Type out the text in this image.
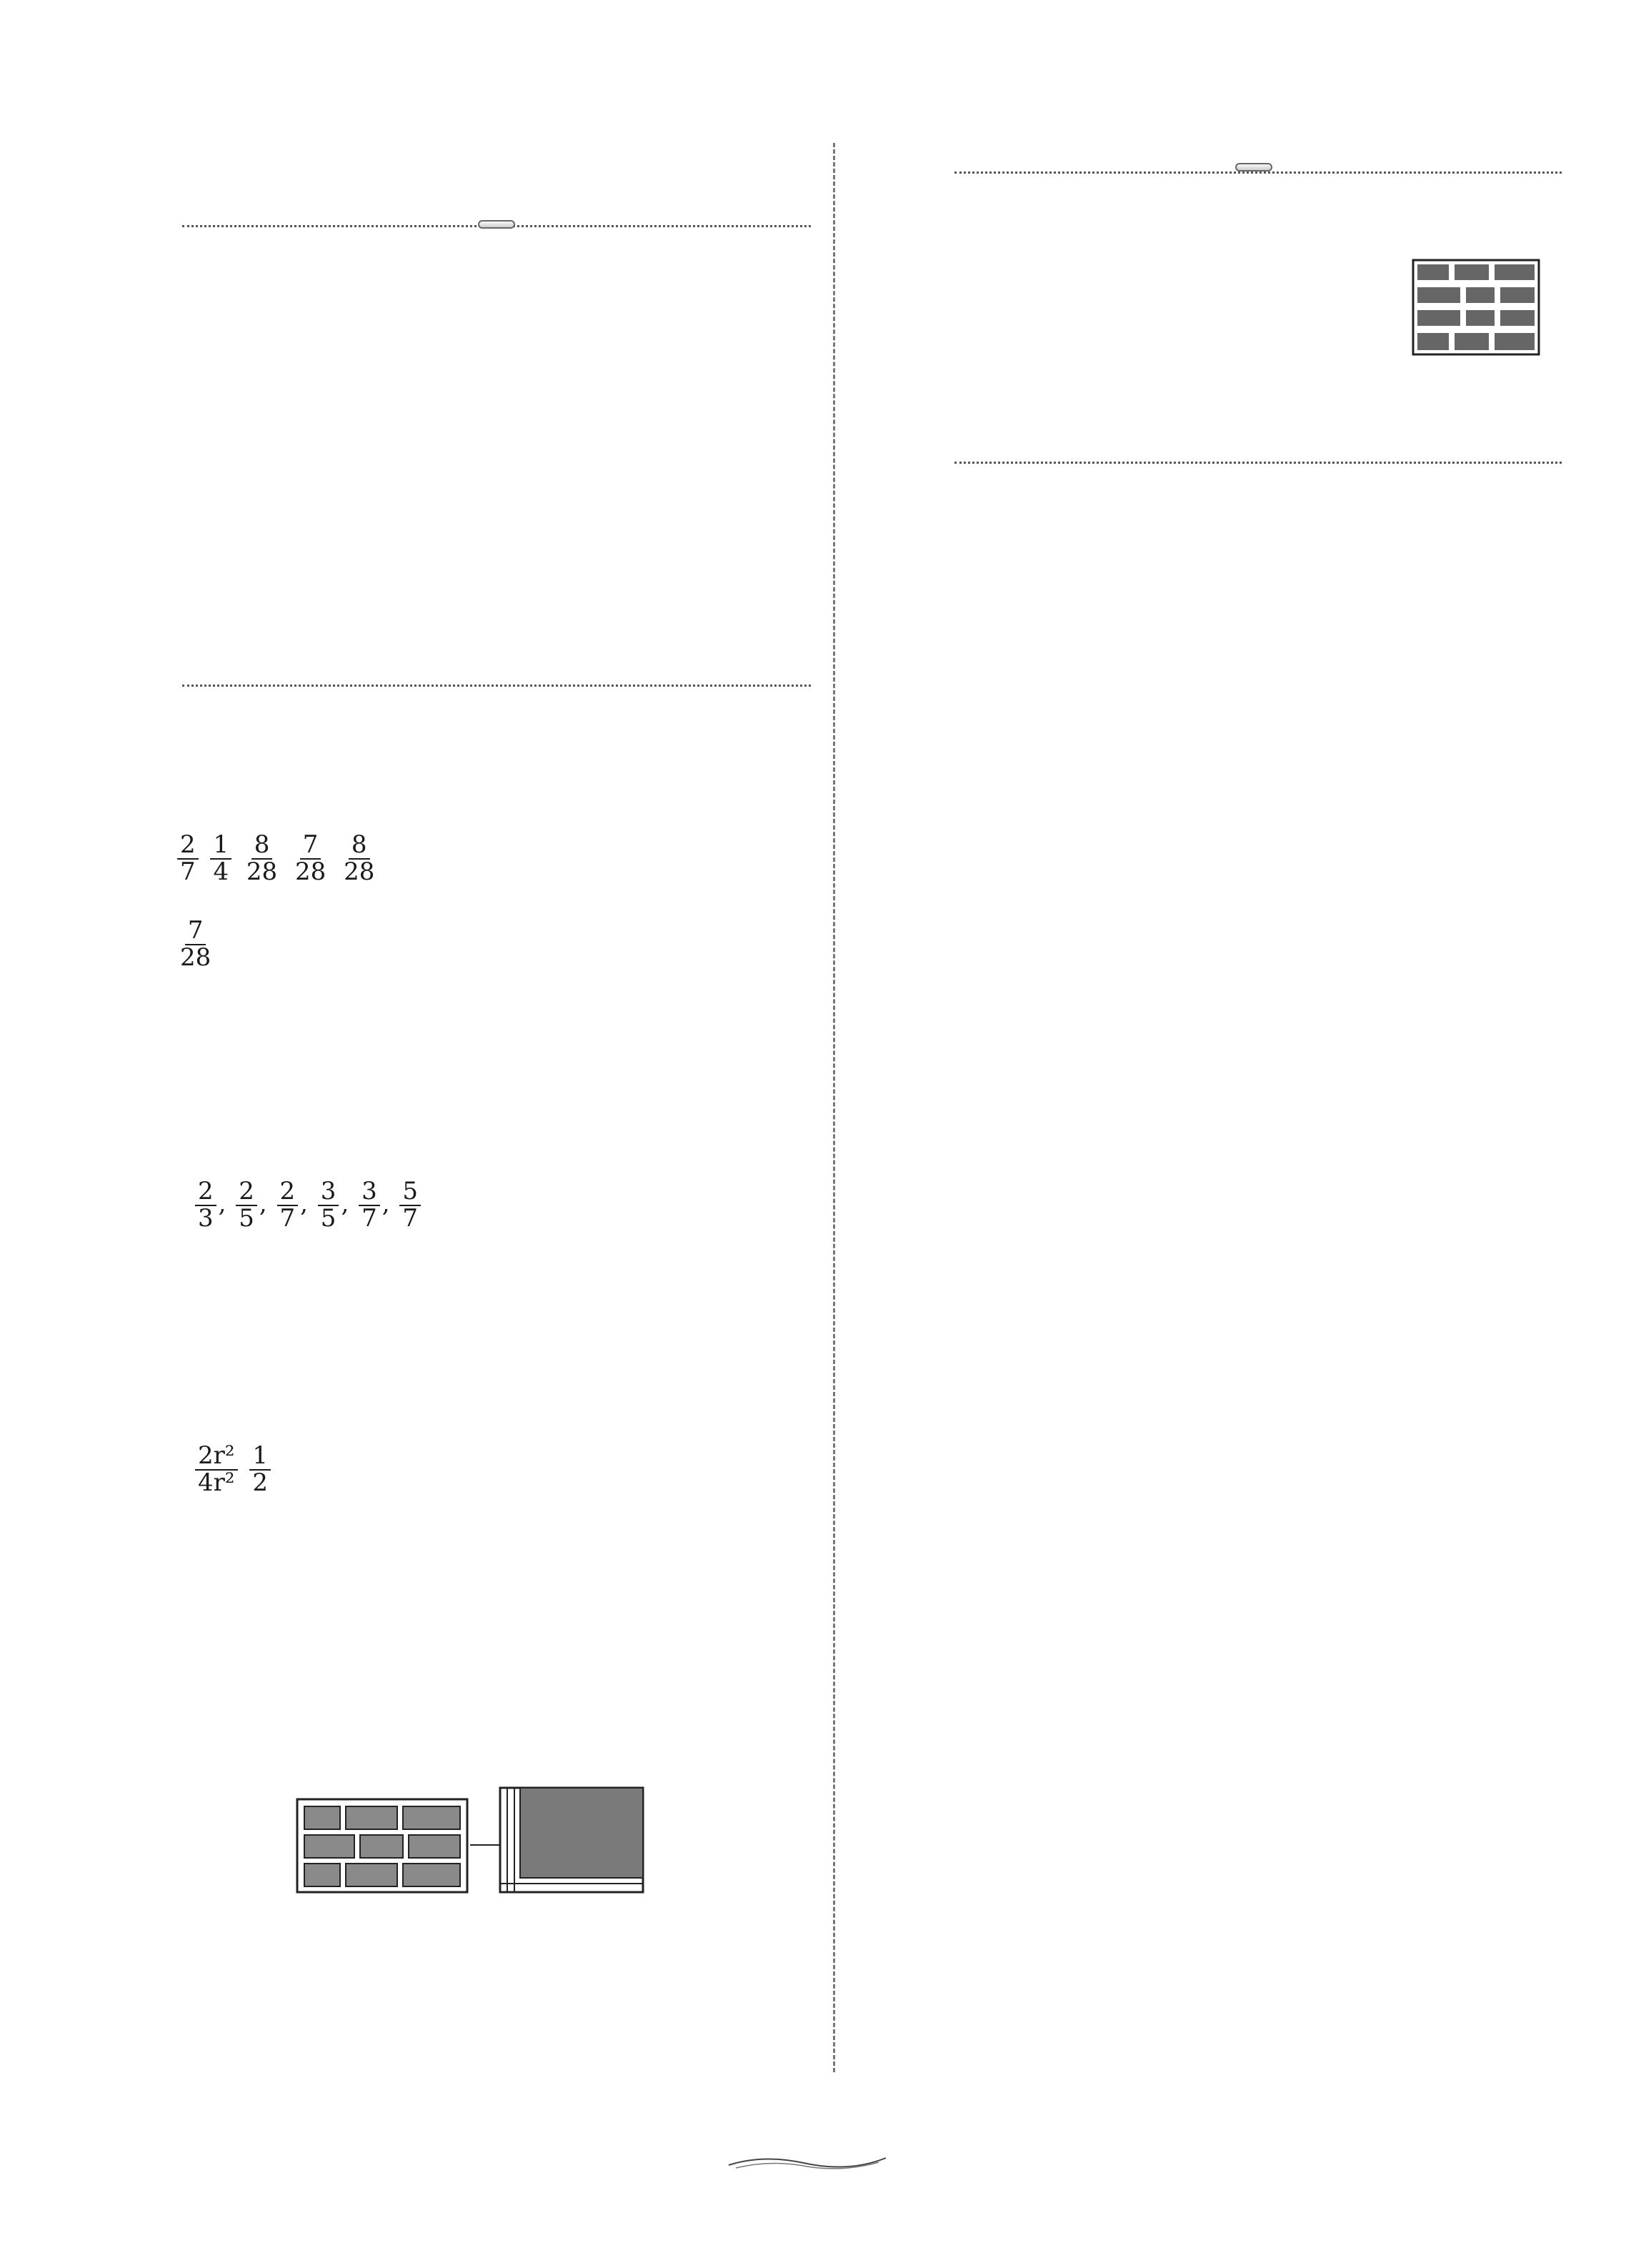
$\frac{2}{7}$
$\frac{1}{4}$
$\frac{8}{28}$
$\frac{7}{28}$
$\frac{8}{28}$
$\frac{7}{28}$
$\frac{2}{3}$ , $\frac{2}{5}$ , $\frac{2}{7}$ , $\frac{3}{5}$ , $\frac{3}{7}$ , $\frac{5}{7}$
$\frac{\text{2r²}}{\text{4r²}}$
$\frac{1}{2}$
